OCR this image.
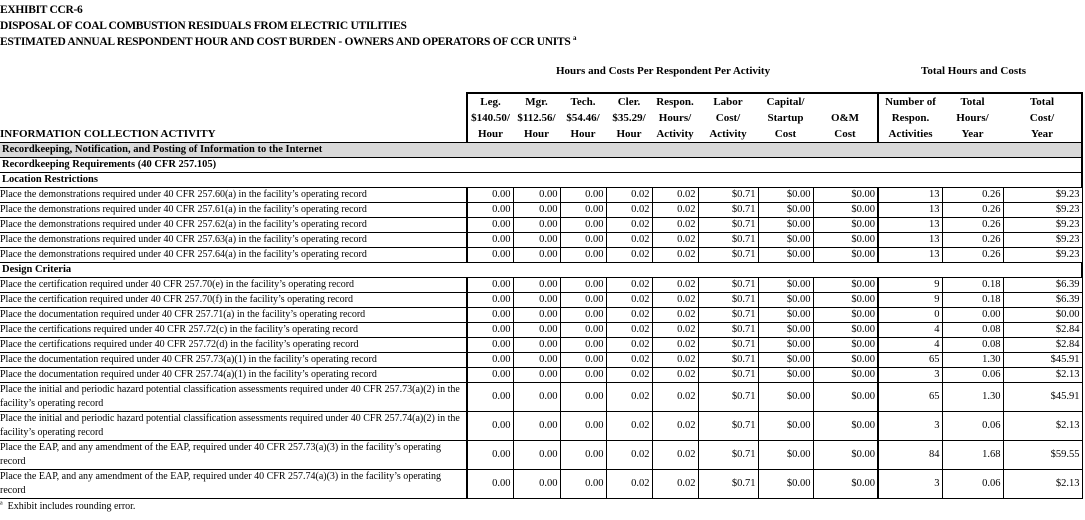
EXHIBIT CCR-6
DISPOSAL OF COAL COMBUSTION RESIDUALS FROM ELECTRIC UTILITIES
ESTIMATED ANNUAL RESPONDENT HOUR AND COST BURDEN - OWNERS AND OPERATORS OF CCR UNITS $^a$
Hours and Costs Per Respondent Per Activity	Total Hours and Costs
	Leg.	Mgr.	Tech.	Cler.	Respon.	Labor	Capital/		Number of	Total	Total
	$140.50/	$112.56/	$54.46/	$35.29/	Hours/	Cost/	Startup	O&M	Respon.	Hours/	Cost/
INFORMATION COLLECTION ACTIVITY	Hour	Hour	Hour	Hour	Activity	Activity	Cost	Cost	Activities	Year	Year
Recordkeeping, Notification, and Posting of Information to the Internet											
Recordkeeping Requirements (40 CFR 257.105)											
Location Restrictions											
Place the demonstrations required under 40 CFR 257.60(a) in the facility’s operating record	0.00	0.00	0.00	0.02	0.02	$0.71	$0.00	$0.00	13	0.26	$9.23
Place the demonstrations required under 40 CFR 257.61(a) in the facility’s operating record	0.00	0.00	0.00	0.02	0.02	$0.71	$0.00	$0.00	13	0.26	$9.23
Place the demonstrations required under 40 CFR 257.62(a) in the facility’s operating record	0.00	0.00	0.00	0.02	0.02	$0.71	$0.00	$0.00	13	0.26	$9.23
Place the demonstrations required under 40 CFR 257.63(a) in the facility’s operating record	0.00	0.00	0.00	0.02	0.02	$0.71	$0.00	$0.00	13	0.26	$9.23
Place the demonstrations required under 40 CFR 257.64(a) in the facility’s operating record	0.00	0.00	0.00	0.02	0.02	$0.71	$0.00	$0.00	13	0.26	$9.23
Design Criteria											
Place the certification required under 40 CFR 257.70(e) in the facility’s operating record	0.00	0.00	0.00	0.02	0.02	$0.71	$0.00	$0.00	9	0.18	$6.39
Place the certification required under 40 CFR 257.70(f) in the facility’s operating record	0.00	0.00	0.00	0.02	0.02	$0.71	$0.00	$0.00	9	0.18	$6.39
Place the documentation required under 40 CFR 257.71(a) in the facility’s operating record	0.00	0.00	0.00	0.02	0.02	$0.71	$0.00	$0.00	0	0.00	$0.00
Place the certifications required under 40 CFR 257.72(c) in the facility’s operating record	0.00	0.00	0.00	0.02	0.02	$0.71	$0.00	$0.00	4	0.08	$2.84
Place the certifications required under 40 CFR 257.72(d) in the facility’s operating record	0.00	0.00	0.00	0.02	0.02	$0.71	$0.00	$0.00	4	0.08	$2.84
Place the documentation required under 40 CFR 257.73(a)(1) in the facility’s operating record	0.00	0.00	0.00	0.02	0.02	$0.71	$0.00	$0.00	65	1.30	$45.91
Place the documentation required under 40 CFR 257.74(a)(1) in the facility’s operating record	0.00	0.00	0.00	0.02	0.02	$0.71	$0.00	$0.00	3	0.06	$2.13
Place the initial and periodic hazard potential classification assessments required under 40 CFR 257.73(a)(2) in the facility’s operating record	0.00	0.00	0.00	0.02	0.02	$0.71	$0.00	$0.00	65	1.30	$45.91
Place the initial and periodic hazard potential classification assessments required under 40 CFR 257.74(a)(2) in the facility’s operating record	0.00	0.00	0.00	0.02	0.02	$0.71	$0.00	$0.00	3	0.06	$2.13
Place the EAP, and any amendment of the EAP, required under 40 CFR 257.73(a)(3) in the facility’s operating record	0.00	0.00	0.00	0.02	0.02	$0.71	$0.00	$0.00	84	1.68	$59.55
Place the EAP, and any amendment of the EAP, required under 40 CFR 257.74(a)(3) in the facility’s operating record	0.00	0.00	0.00	0.02	0.02	$0.71	$0.00	$0.00	3	0.06	$2.13
$^a$ Exhibit includes rounding error.
